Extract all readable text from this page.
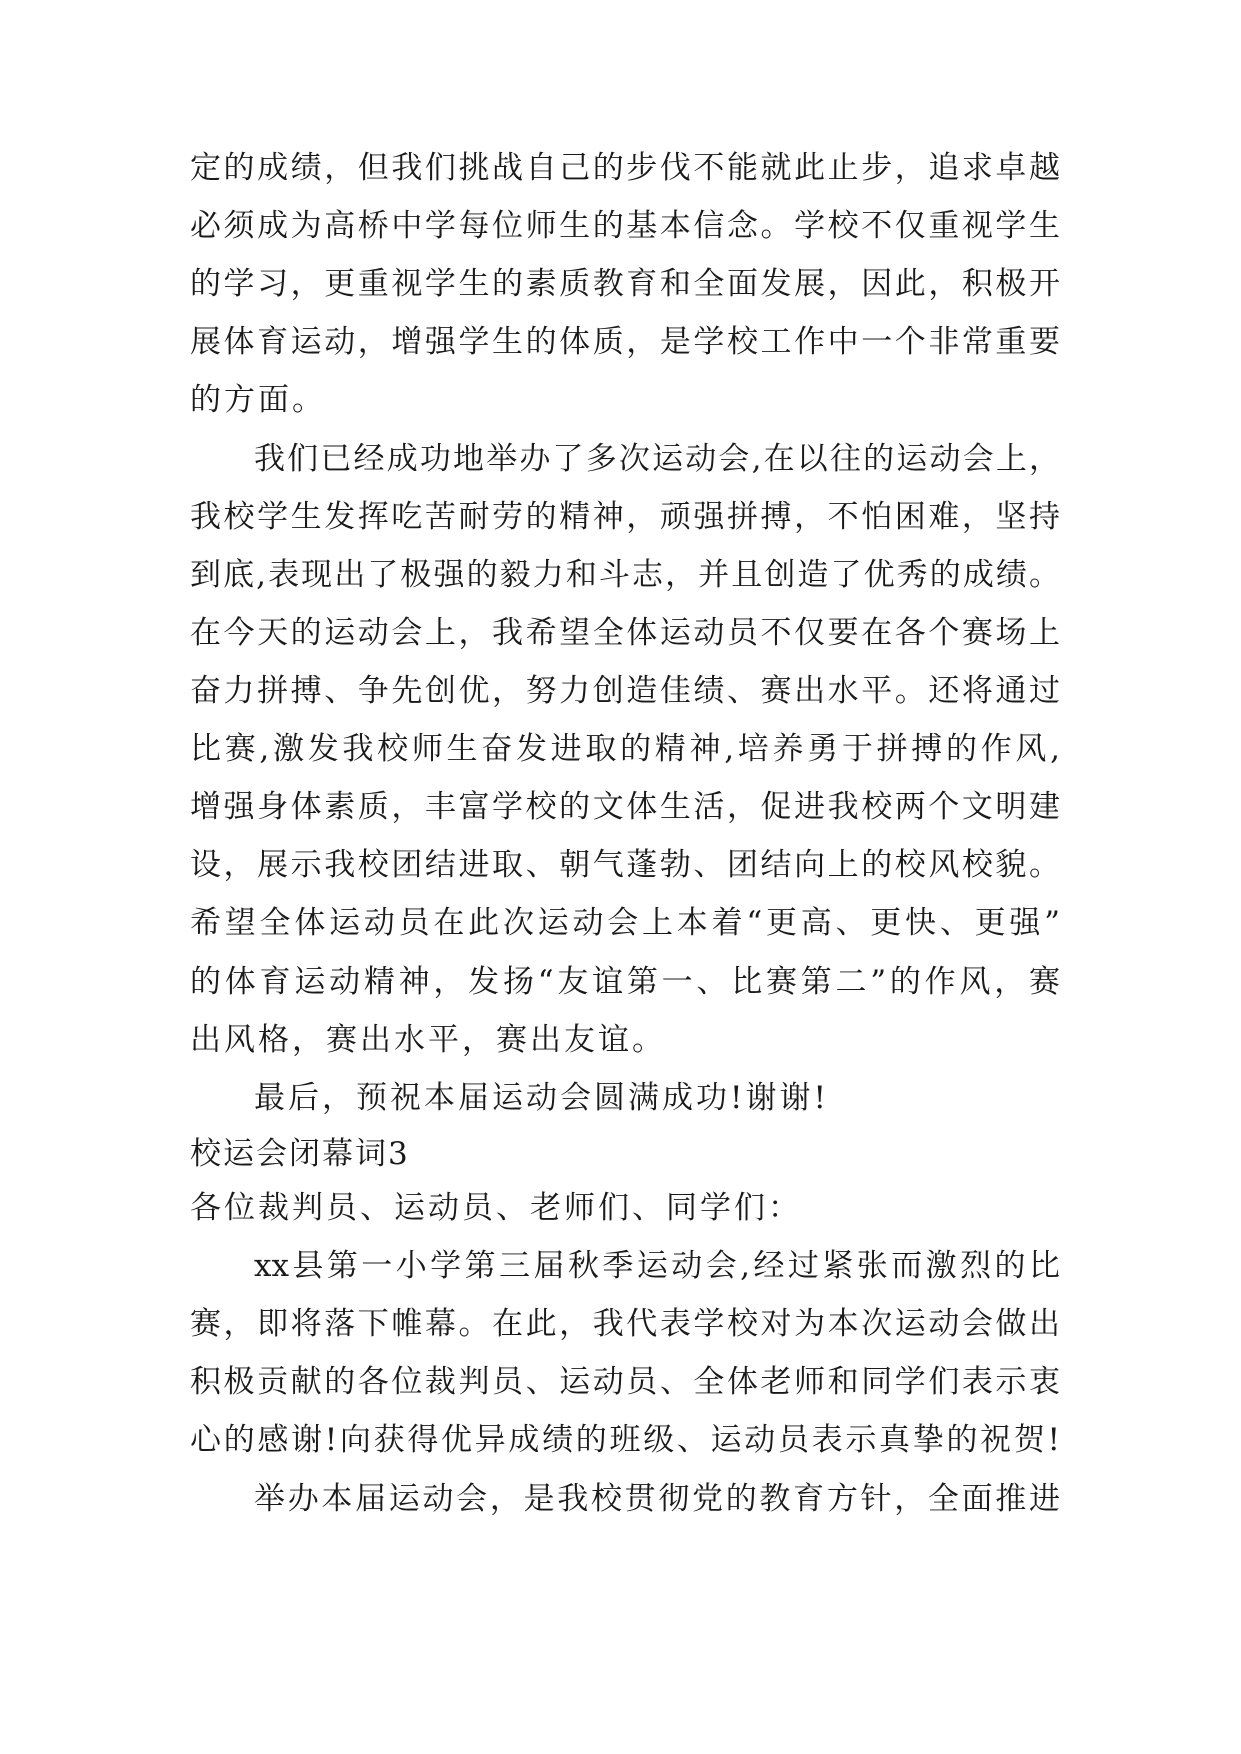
定的成绩，但我们挑战自己的步伐不能就此止步，追求卓越
必须成为高桥中学每位师生的基本信念。学校不仅重视学生
的学习，更重视学生的素质教育和全面发展，因此，积极开
展体育运动，增强学生的体质，是学校工作中一个非常重要
的方面。
我们已经成功地举办了多次运动会,在以往的运动会上，
我校学生发挥吃苦耐劳的精神，顽强拼搏，不怕困难，坚持
到底,表现出了极强的毅力和斗志，并且创造了优秀的成绩。
在今天的运动会上，我希望全体运动员不仅要在各个赛场上
奋力拼搏、争先创优，努力创造佳绩、赛出水平。还将通过
比赛,激发我校师生奋发进取的精神,培养勇于拼搏的作风,
增强身体素质，丰富学校的文体生活，促进我校两个文明建
设，展示我校团结进取、朝气蓬勃、团结向上的校风校貌。
希望全体运动员在此次运动会上本着“更高、更快、更强”
的体育运动精神，发扬“友谊第一、比赛第二”的作风，赛
出风格，赛出水平，赛出友谊。
最后，预祝本届运动会圆满成功!谢谢!
校运会闭幕词3
各位裁判员、运动员、老师们、同学们：
xx县第一小学第三届秋季运动会,经过紧张而激烈的比
赛，即将落下帷幕。在此，我代表学校对为本次运动会做出
积极贡献的各位裁判员、运动员、全体老师和同学们表示衷
心的感谢!向获得优异成绩的班级、运动员表示真挚的祝贺!
举办本届运动会，是我校贯彻党的教育方针，全面推进
